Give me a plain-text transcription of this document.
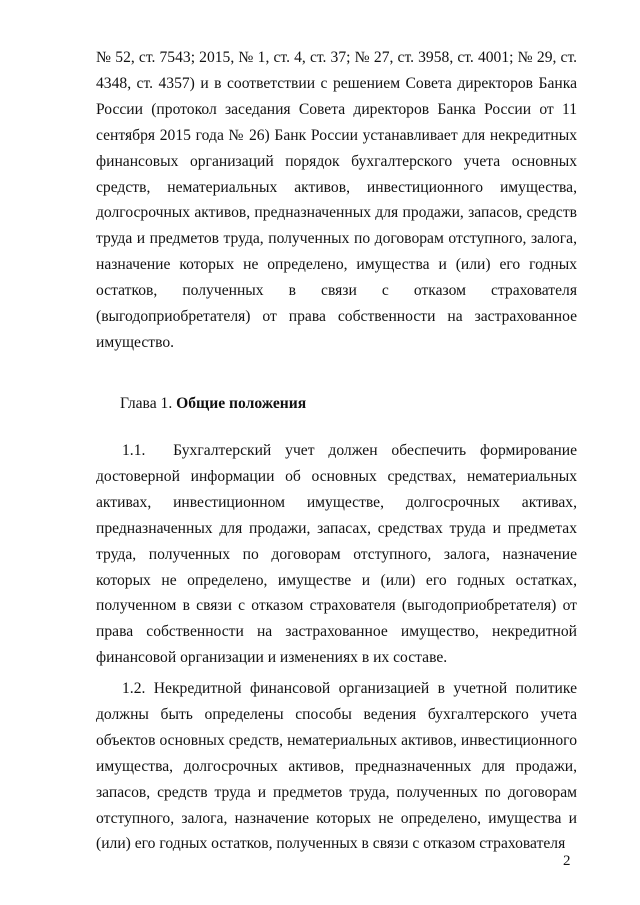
№ 52, ст. 7543; 2015, № 1, ст. 4, ст. 37; № 27, ст. 3958, ст. 4001; № 29, ст. 4348, ст. 4357) и в соответствии с решением Совета директоров Банка России (протокол заседания Совета директоров Банка России от 11 сентября 2015 года № 26) Банк России устанавливает для некредитных финансовых организаций порядок бухгалтерского учета основных средств, нематериальных активов, инвестиционного имущества, долгосрочных активов, предназначенных для продажи, запасов, средств труда и предметов труда, полученных по договорам отступного, залога, назначение которых не определено, имущества и (или) его годных остатков, полученных в связи с отказом страхователя (выгодоприобретателя) от права собственности на застрахованное имущество.

Глава 1. Общие положения

1.1. Бухгалтерский учет должен обеспечить формирование достоверной информации об основных средствах, нематериальных активах, инвестиционном имуществе, долгосрочных активах, предназначенных для продажи, запасах, средствах труда и предметах труда, полученных по договорам отступного, залога, назначение которых не определено, имуществе и (или) его годных остатках, полученном в связи с отказом страхователя (выгодоприобретателя) от права собственности на застрахованное имущество, некредитной финансовой организации и изменениях в их составе.

1.2. Некредитной финансовой организацией в учетной политике должны быть определены способы ведения бухгалтерского учета объектов основных средств, нематериальных активов, инвестиционного имущества, долгосрочных активов, предназначенных для продажи, запасов, средств труда и предметов труда, полученных по договорам отступного, залога, назначение которых не определено, имущества и (или) его годных остатков, полученных в связи с отказом страхователя

2
